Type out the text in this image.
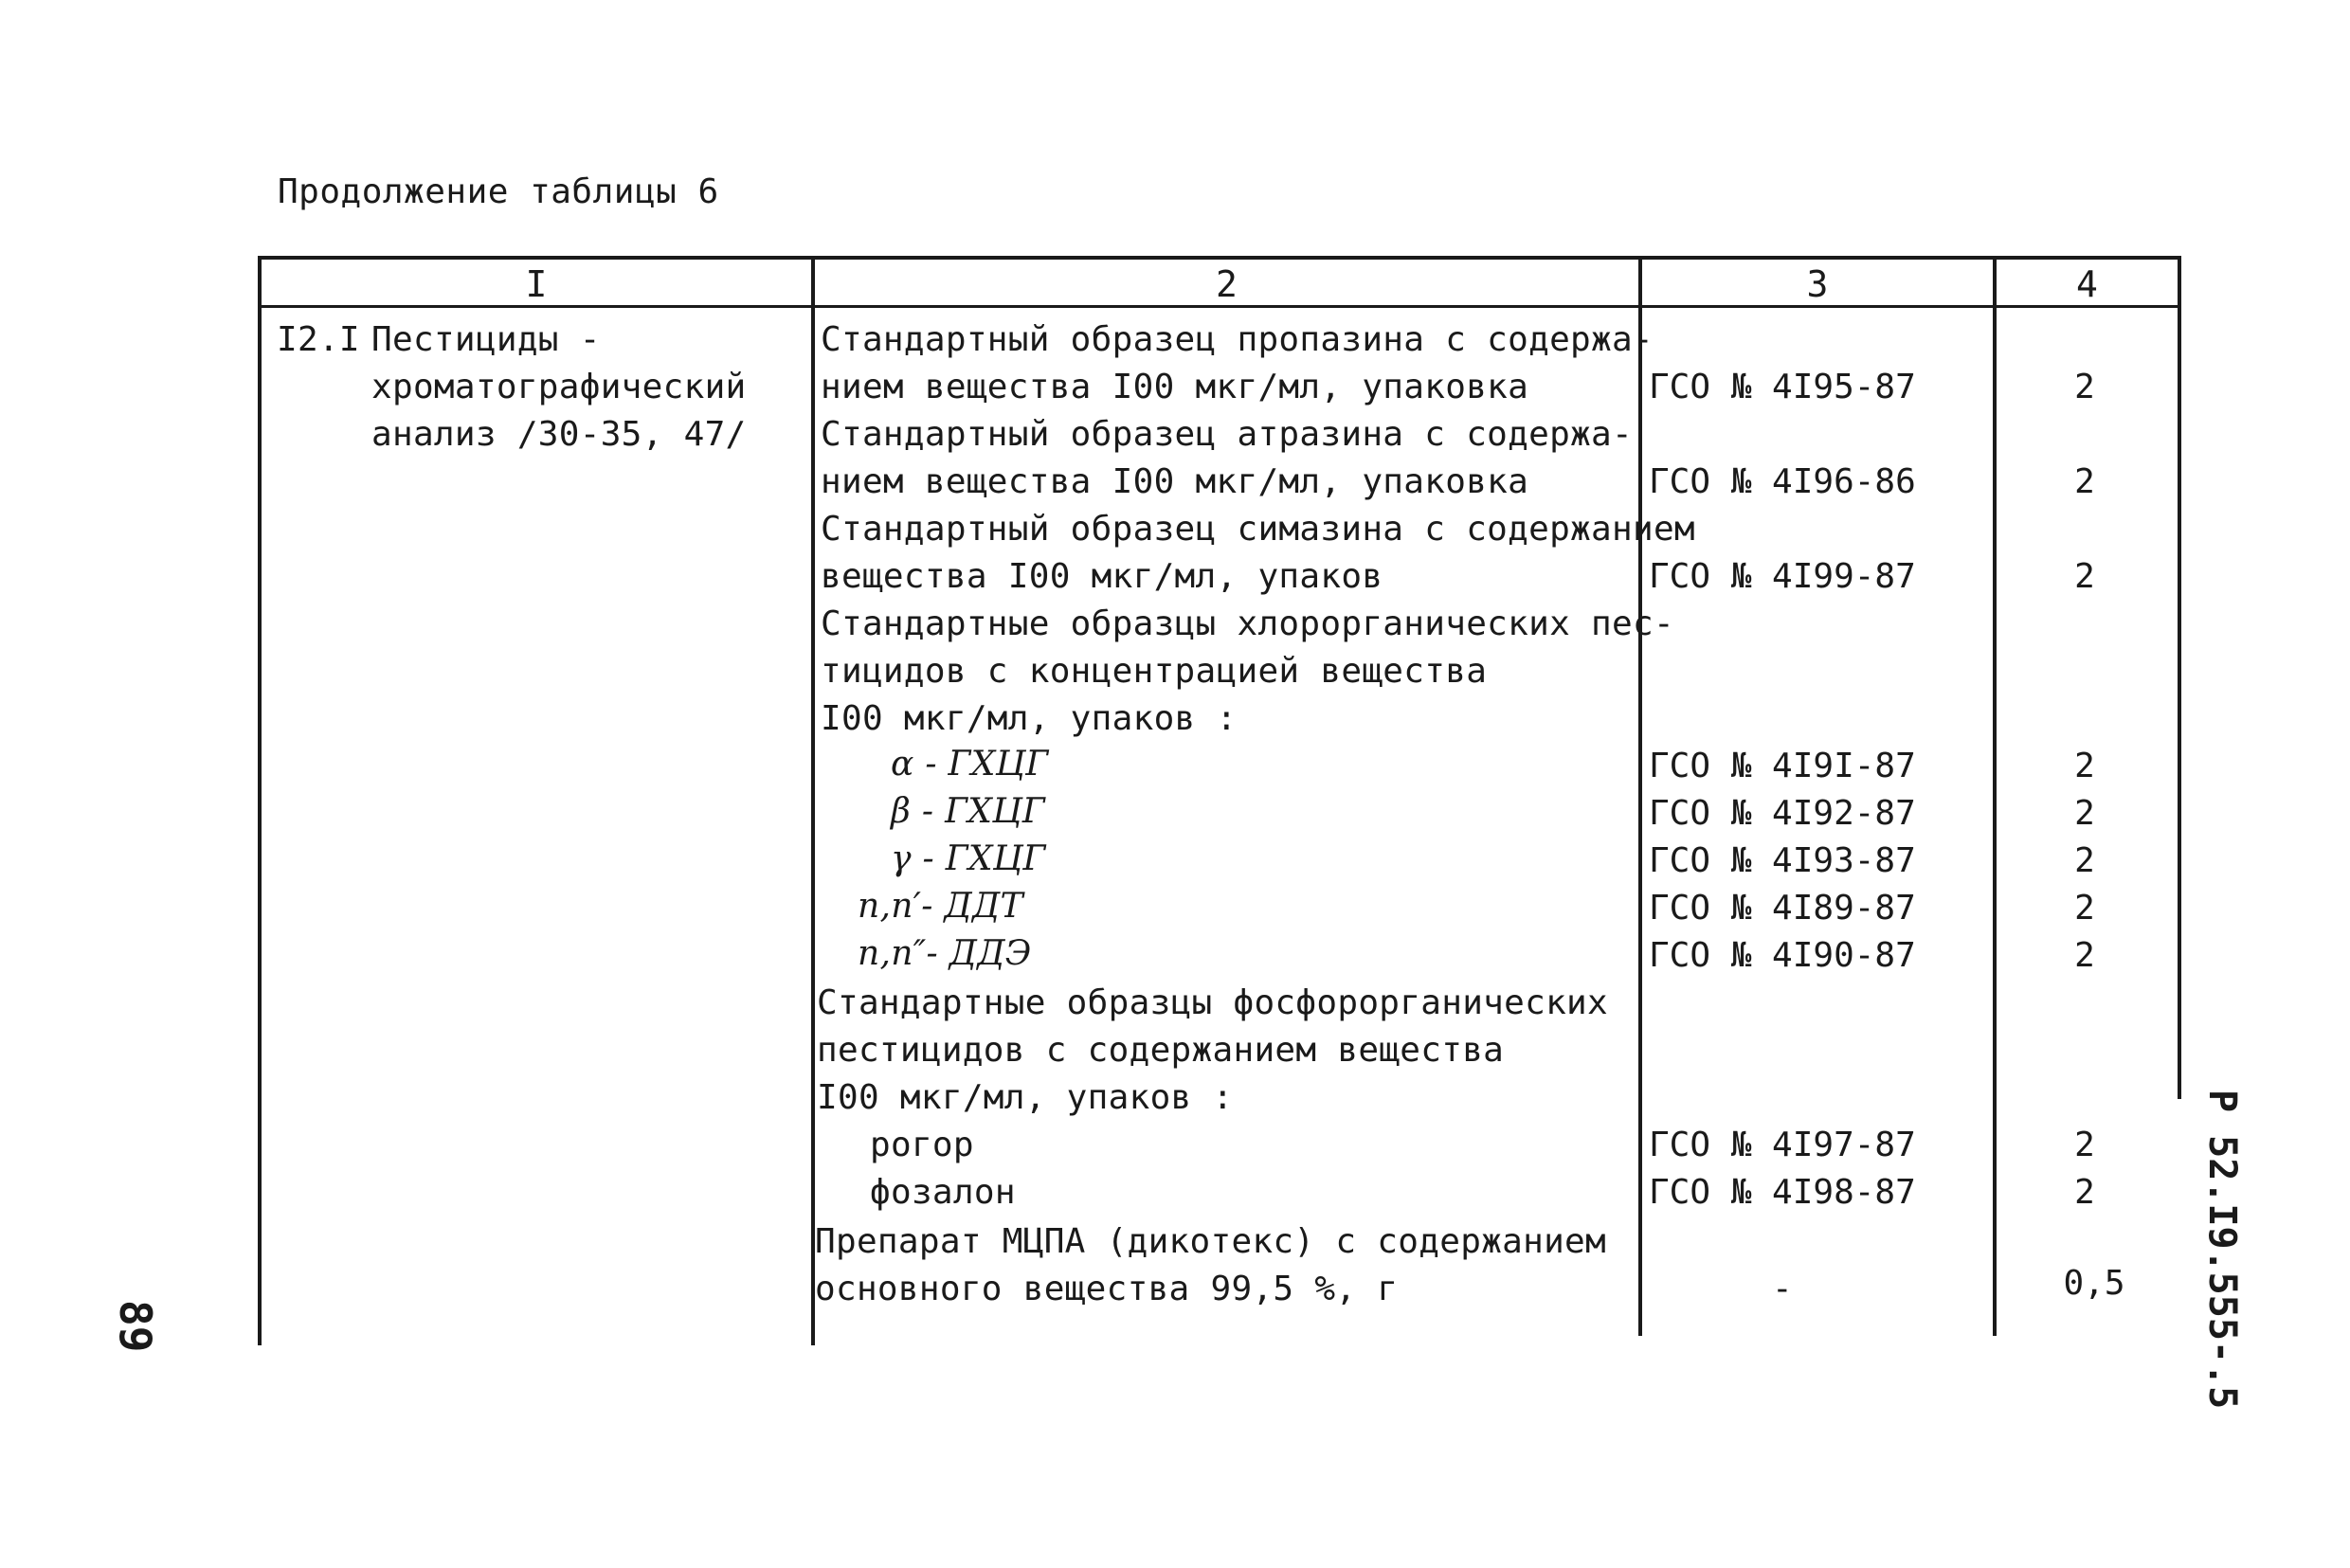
Продолжение таблицы 6
I	2	3	4
I2.I Пестициды -
хроматографический
анализ /30-35, 47/
Стандартный образец пропазина с содержа-
нием вещества I00 мкг/мл, упаковка	ГСО № 4I95-87	2
Стандартный образец атразина с содержа-
нием вещества I00 мкг/мл, упаковка	ГСО № 4I96-86	2
Стандартный образец симазина с содержанием
вещества I00 мкг/мл, упаков	ГСО № 4I99-87	2
Стандартные образцы хлорорганических пес-
тицидов с концентрацией вещества
I00 мкг/мл, упаков :
α - ГХЦГ	ГСО № 4I9I-87	2
β - ГХЦГ	ГСО № 4I92-87	2
γ - ГХЦГ	ГСО № 4I93-87	2
n,n′- ДДТ	ГСО № 4I89-87	2
n,n″- ДДЭ	ГСО № 4I90-87	2
Стандартные образцы фосфорорганических
пестицидов с содержанием вещества
I00 мкг/мл, упаков :
рогор	ГСО № 4I97-87	2
фозалон	ГСО № 4I98-87	2
Препарат МЦПА (дикотекс) с содержанием
основного вещества 99,5 %, г	-	0,5
89	Р 52.I9.555-.5
